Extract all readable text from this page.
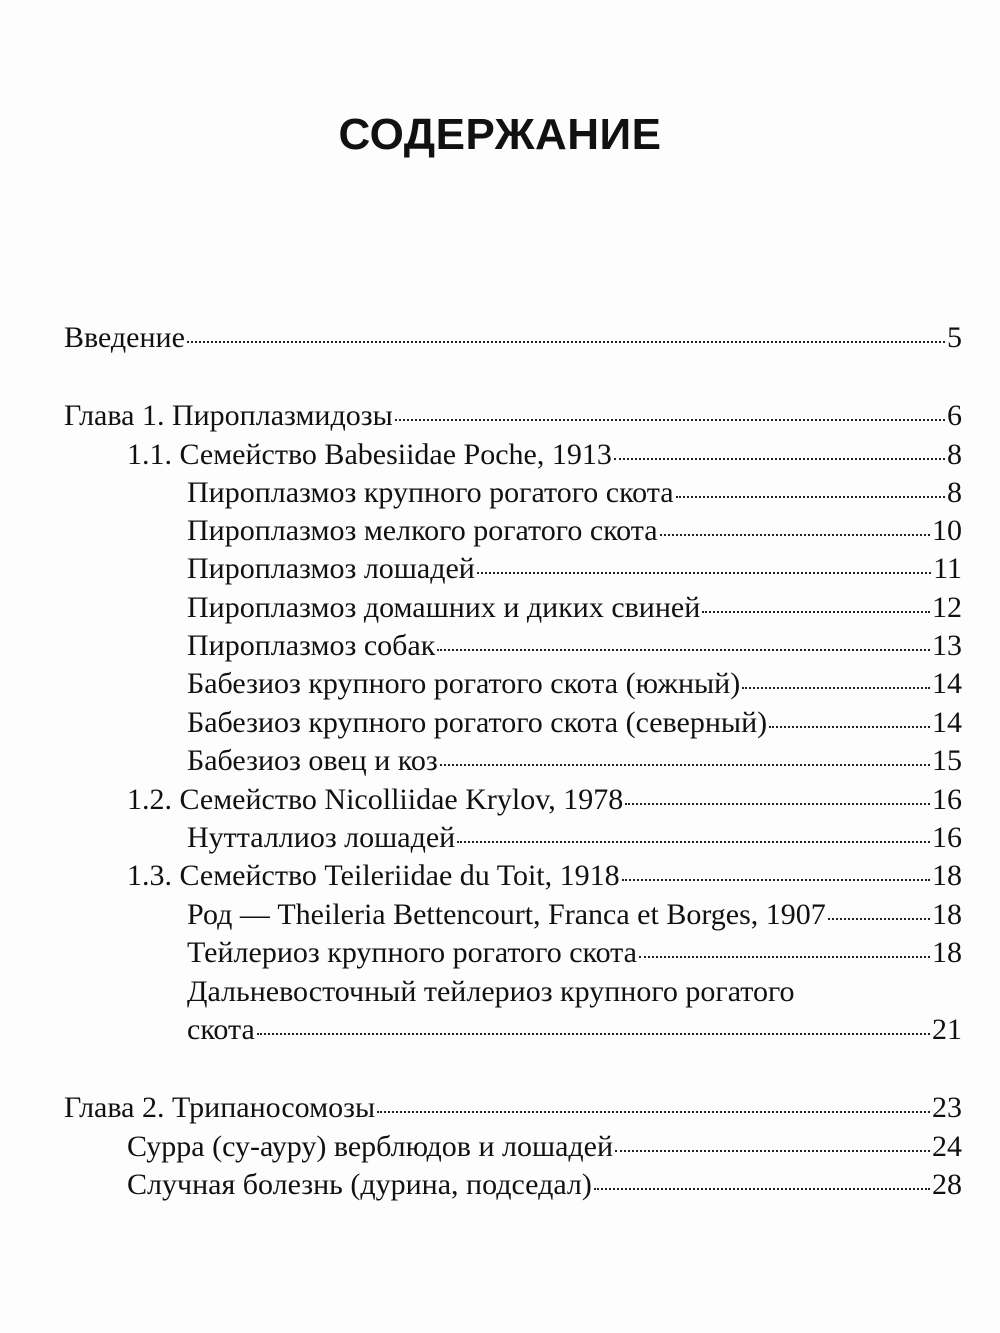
СОДЕРЖАНИЕ
Введение	5
Глава 1. Пироплазмидозы	6
1.1. Семейство Babesiidae Poche, 1913	8
Пироплазмоз крупного рогатого скота	8
Пироплазмоз мелкого рогатого скота	10
Пироплазмоз лошадей	11
Пироплазмоз домашних и диких свиней	12
Пироплазмоз собак	13
Бабезиоз крупного рогатого скота (южный)	14
Бабезиоз крупного рогатого скота (северный)	14
Бабезиоз овец и коз	15
1.2. Семейство Nicolliidae Krylov, 1978	16
Нутталлиоз лошадей	16
1.3. Семейство Teileriidae du Toit, 1918	18
Род — Theileria Bettencourt, Franca et Borges, 1907	18
Тейлериоз крупного рогатого скота	18
Дальневосточный тейлериоз крупного рогатого
скота	21
Глава 2. Трипаносомозы	23
Сурра (су-ауру) верблюдов и лошадей	24
Случная болезнь (дурина, подседал)	28
